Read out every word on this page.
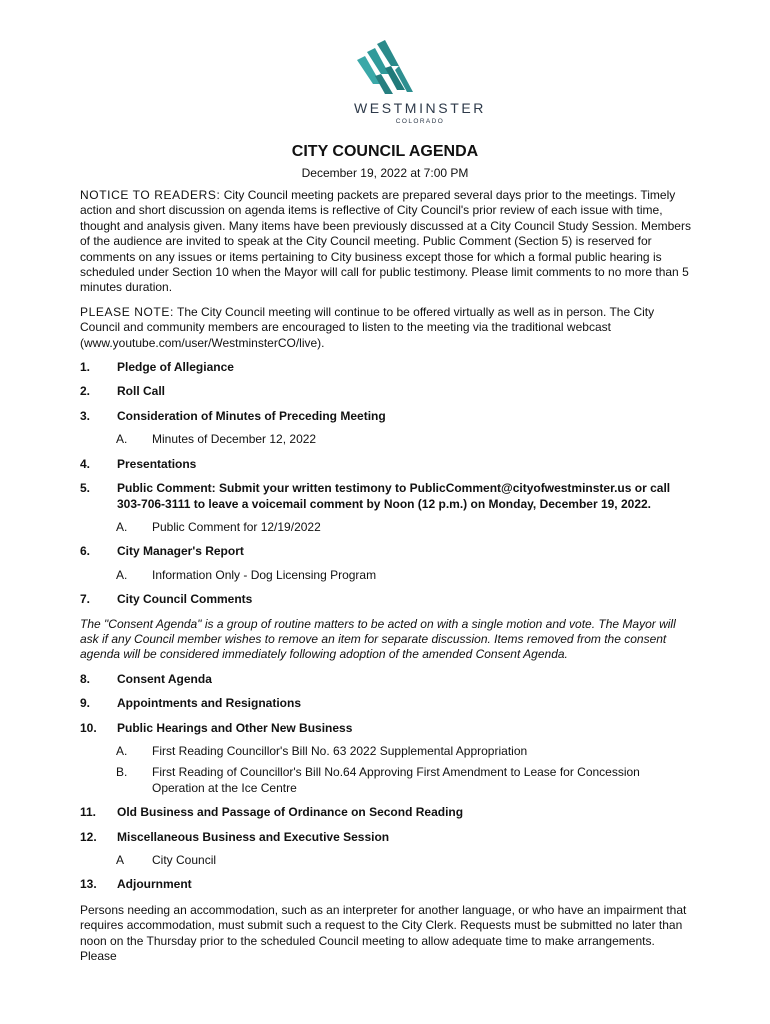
WESTMINSTER
COLORADO
CITY COUNCIL AGENDA
December 19, 2022 at 7:00 PM

NOTICE TO READERS: City Council meeting packets are prepared several days prior to the meetings. Timely action and short discussion on agenda items is reflective of City Council's prior review of each issue with time, thought and analysis given. Many items have been previously discussed at a City Council Study Session. Members of the audience are invited to speak at the City Council meeting. Public Comment (Section 5) is reserved for comments on any issues or items pertaining to City business except those for which a formal public hearing is scheduled under Section 10 when the Mayor will call for public testimony. Please limit comments to no more than 5 minutes duration.

PLEASE NOTE: The City Council meeting will continue to be offered virtually as well as in person. The City Council and community members are encouraged to listen to the meeting via the traditional webcast (www.youtube.com/user/WestminsterCO/live).

1.	Pledge of Allegiance
2.	Roll Call
3.	Consideration of Minutes of Preceding Meeting
A.	Minutes of December 12, 2022
4.	Presentations
5.	Public Comment: Submit your written testimony to PublicComment@cityofwestminster.us or call 303-706-3111 to leave a voicemail comment by Noon (12 p.m.) on Monday, December 19, 2022.
A.	Public Comment for 12/19/2022
6.	City Manager's Report
A.	Information Only - Dog Licensing Program
7.	City Council Comments

The "Consent Agenda" is a group of routine matters to be acted on with a single motion and vote. The Mayor will ask if any Council member wishes to remove an item for separate discussion. Items removed from the consent agenda will be considered immediately following adoption of the amended Consent Agenda.

8.	Consent Agenda
9.	Appointments and Resignations
10.	Public Hearings and Other New Business
A.	First Reading Councillor's Bill No. 63 2022 Supplemental Appropriation
B.	First Reading of Councillor's Bill No.64 Approving First Amendment to Lease for Concession Operation at the Ice Centre
11.	Old Business and Passage of Ordinance on Second Reading
12.	Miscellaneous Business and Executive Session
A	City Council
13.	Adjournment

Persons needing an accommodation, such as an interpreter for another language, or who have an impairment that requires accommodation, must submit such a request to the City Clerk. Requests must be submitted no later than noon on the Thursday prior to the scheduled Council meeting to allow adequate time to make arrangements. Please
